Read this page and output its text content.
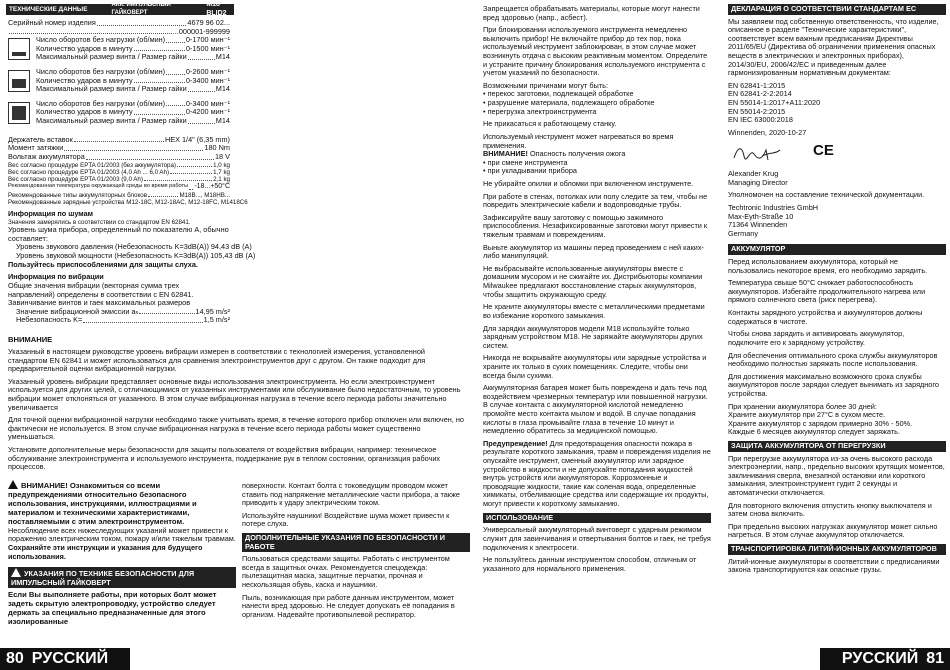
ТЕХНИЧЕСКИЕ ДАННЫЕ
АКК. ИМПУЛЬСНЫЙ ГАЙКОВЕРТ
M18 BLID2
Серийный номер изделия	4679 96 02...
...000001-999999
Число оборотов без нагрузки (об/мин)	0-1700 мин⁻¹
Количество ударов в минуту	0-1500 мин⁻¹
Максимальный размер винта / Размер гайки	M14
Число оборотов без нагрузки (об/мин)	0-2600 мин⁻¹
Количество ударов в минуту	0-3400 мин⁻¹
Максимальный размер винта / Размер гайки	M14
Число оборотов без нагрузки (об/мин)	0-3400 мин⁻¹
Количество ударов в минуту	0-4200 мин⁻¹
Максимальный размер винта / Размер гайки	M14
Держатель вставок	HEX 1/4" (6,35 mm)
Момент затяжки	180 Nm
Вольтаж аккумулятора	18 V
Вес согласно процедуре EPTA 01/2003 (без аккумулятора)	1,0 kg
Вес согласно процедуре EPTA 01/2003 (4,0 Ah ... 6,0 Ah)	1,7 kg
Вес согласно процедуре EPTA 01/2003 (9,0 Ah)	2,1 kg
Рекомендованная температура окружающей среды во время работы -18...+50°C
Рекомендованные типы аккумуляторных блоков	M18B..., M18HB...
Рекомендованные зарядные устройства M12-18C, M12-18AC, M12-18FC, M1418C6
Информация по шумам
Значения замерялись в соответствии со стандартом EN 62841.
Уровень шума прибора, определенный по показателю А, обычно составляет:
Уровень звукового давления (Небезопасность K=3dB(A)) 94,43 dB (A)
Уровень звуковой мощности (Небезопасность K=3dB(A)) 105,43 dB (A)
Пользуйтесь приспособлениями для защиты слуха.
Информация по вибрации
Общие значения вибрации (векторная сумма трех
направлений) определены в соответствии с EN 62841.
Завинчивание винтов и гаек максимальных размеров
Значение вибрационной эмиссии aₕ	14,95 m/s²
Небезопасность K=	1,5 m/s²
ВНИМАНИЕ
Указанный в настоящем руководстве уровень вибрации измерен в соответствии с технологией измерения, установленной стандартом EN 62841 и может использоваться для сравнения электроинструментов друг с другом. Он также подходит для предварительной оценки вибрационной нагрузки.
Указанный уровень вибрации представляет основные виды использования электроинструмента. Но если электроинструмент используется для других целей, с отличающимися от указанных инструментами или обслуживание было недостаточным, то уровень вибрации может отклоняться от указанного. В этом случае вибрационная нагрузка в течение всего периода работы значительно увеличивается
Для точной оценки вибрационной нагрузки необходимо также учитывать время, в течение которого прибор отключен или включен, но фактически не используется. В этом случае вибрационная нагрузка в течение всего периода работы может существенно уменьшаться.
Установите дополнительные меры безопасности для защиты пользователя от воздействия вибрации, например: техническое обслуживание электроинструмента и используемого инструмента, поддержание рук в теплом состоянии, организация рабочих процессов.
ВНИМАНИЕ! Ознакомиться со всеми предупреждениями относительно безопасного использования, инструкциями, иллюстрациями и материалом и техническими характеристиками, поставляемыми с этим электроинструментом.
Несоблюдение всех нижеследующих указаний может привести к поражению электрическим током, пожару и/или тяжелым травмам.
Сохраняйте эти инструкции и указания для будущего использования.
УКАЗАНИЯ ПО ТЕХНИКЕ БЕЗОПАСНОСТИ ДЛЯ ИМПУЛЬСНЫЙ ГАЙКОВЕРТ
Если Вы выполняете работы, при которых болт может задеть скрытую электропроводку, устройство следует держать за специально предназначенные для этого изолированные
поверхности. Контакт болта с токоведущим проводом может ставить под напряжение металлические части прибора, а также приводить к удару электрическим током.
Используйте наушники! Воздействие шума может привести к потере слуха.
ДОПОЛНИТЕЛЬНЫЕ УКАЗАНИЯ ПО БЕЗОПАСНОСТИ И РАБОТЕ
Пользоваться средствами защиты. Работать с инструментом всегда в защитных очках. Рекомендуется спецодежда: пылезащитная маска, защитные перчатки, прочная и нескользящая обувь, каска и наушники.
Пыль, возникающая при работе данным инструментом, может нанести вред здоровью. Не следует допускать её попадания в организм. Надевайте противопылевой респиратор.
80 РУССКИЙ
Запрещается обрабатывать материалы, которые могут нанести вред здоровью (напр., асбест).
При блокировании используемого инструмента немедленно выключить прибор! Не включайте прибор до тех пор, пока используемый инструмент заблокирован, в этом случае может возникнуть отдача с высоким реактивным моментом. Определите и устраните причину блокирования используемого инструмента с учетом указаний по безопасности.
Возможными причинами могут быть:
• перекос заготовки, подлежащей обработке
• разрушение материала, подлежащего обработке
• перегрузка электроинструмента
Не прикасаться к работающему станку.
Используемый инструмент может нагреваться во время применения.
ВНИМАНИЕ! Опасность получения ожога
• при смене инструмента
• при укладывании прибора
Не убирайте опилки и обломки при включенном инструменте.
При работе в стенах, потолках или полу следите за тем, чтобы не повредить электрические кабели и водопроводные трубы.
Зафиксируйте вашу заготовку с помощью зажимного приспособления. Незафиксированные заготовки могут привести к тяжелым травмам и повреждениям.
Выньте аккумулятор из машины перед проведением с ней каких-либо манипуляций.
Не выбрасывайте использованные аккумуляторы вместе с домашним мусором и не сжигайте их. Дистрибьюторы компании Milwaukee предлагают восстановление старых аккумуляторов, чтобы защитить окружающую среду.
Не храните аккумуляторы вместе с металлическими предметами во избежание короткого замыкания.
Для зарядки аккумуляторов модели M18 используйте только зарядным устройством M18. Не заряжайте аккумуляторы других систем.
Никогда не вскрывайте аккумуляторы или зарядные устройства и храните их только в сухих помещениях. Следите, чтобы они всегда были сухими.
Аккумуляторная батарея может быть повреждена и дать течь под воздействием чрезмерных температур или повышенной нагрузки. В случае контакта с аккумуляторной кислотой немедленно промойте место контакта мылом и водой. В случае попадания кислоты в глаза промывайте глаза в течение 10 минут и немедленно обратитесь за медицинской помощью.
Предупреждение! Для предотвращения опасности пожара в результате короткого замыкания, травм и повреждения изделия не опускайте инструмент, сменный аккумулятор или зарядное устройство в жидкости и не допускайте попадания жидкостей внутрь устройств или аккумуляторов. Коррозионные и проводящие жидкости, такие как соленая вода, определенные химикаты, отбеливающие средства или содержащие их продукты, могут привести к короткому замыканию.
ИСПОЛЬЗОВАНИЕ
Универсальный аккумуляторный винтоверт с ударным режимом служит для завинчивания и отвертывания болтов и гаек, не требуя подключения к электросети.
Не пользуйтесь данным инструментом способом, отличным от указанного для нормального применения.
ДЕКЛАРАЦИЯ О СООТВЕТСТВИИ СТАНДАРТАМ ЕС
Мы заявляем под собственную ответственность, что изделие, описанное в разделе "Технические характеристики", соответствует всем важным предписаниям Директивы 2011/65/EU (Директива об ограничении применения опасных веществ в электрических и электронных приборах), 2014/30/EU, 2006/42/EC и приведенным далее гармонизированным нормативным документам:
EN 62841-1:2015
EN 62841-2-2:2014
EN 55014-1:2017+A11:2020
EN 55014-2:2015
EN IEC 63000:2018
Winnenden, 2020-10-27
CE
Alexander Krug
Managing Director
Уполномочен на составление технической документации.
Techtronic Industries GmbH
Max-Eyth-Straße 10
71364 Winnenden
Germany
АККУМУЛЯТОР
Перед использованием аккумулятора, который не пользовались некоторое время, его необходимо зарядить.
Температура свыше 50°C снижает работоспособность аккумуляторов. Избегайте продолжительного нагрева или прямого солнечного света (риск перегрева).
Контакты зарядного устройства и аккумуляторов должны содержаться в чистоте.
Чтобы снова зарядить и активировать аккумулятор, подключите его к зарядному устройству.
Для обеспечения оптимального срока службы аккумуляторов необходимо полностью заряжать после использования.
Для достижения максимально возможного срока службы аккумуляторов после зарядки следует вынимать из зарядного устройства.
При хранении аккумулятора более 30 дней:
Храните аккумулятор при 27°C в сухом месте.
Храните аккумулятор с зарядом примерно 30% - 50%.
Каждые 6 месяцев аккумулятор следует заряжать.
ЗАЩИТА АККУМУЛЯТОРА ОТ ПЕРЕГРУЗКИ
При перегрузке аккумулятора из-за очень высокого расхода электроэнергии, напр., предельно высоких крутящих моментов, заклинивания сверла, внезапной остановки или короткого замыкания, электроинструмент гудит 2 секунды и автоматически отключается.
Для повторного включения отпустить кнопку выключателя и затем снова включить.
При предельно высоких нагрузках аккумулятор может сильно нагреться. В этом случае аккумулятор отключается.
ТРАНСПОРТИРОВКА ЛИТИЙ-ИОННЫХ АККУМУЛЯТОРОВ
Литий-ионные аккумуляторы в соответствии с предписаниями закона транспортируются как опасные грузы.
РУССКИЙ 81
